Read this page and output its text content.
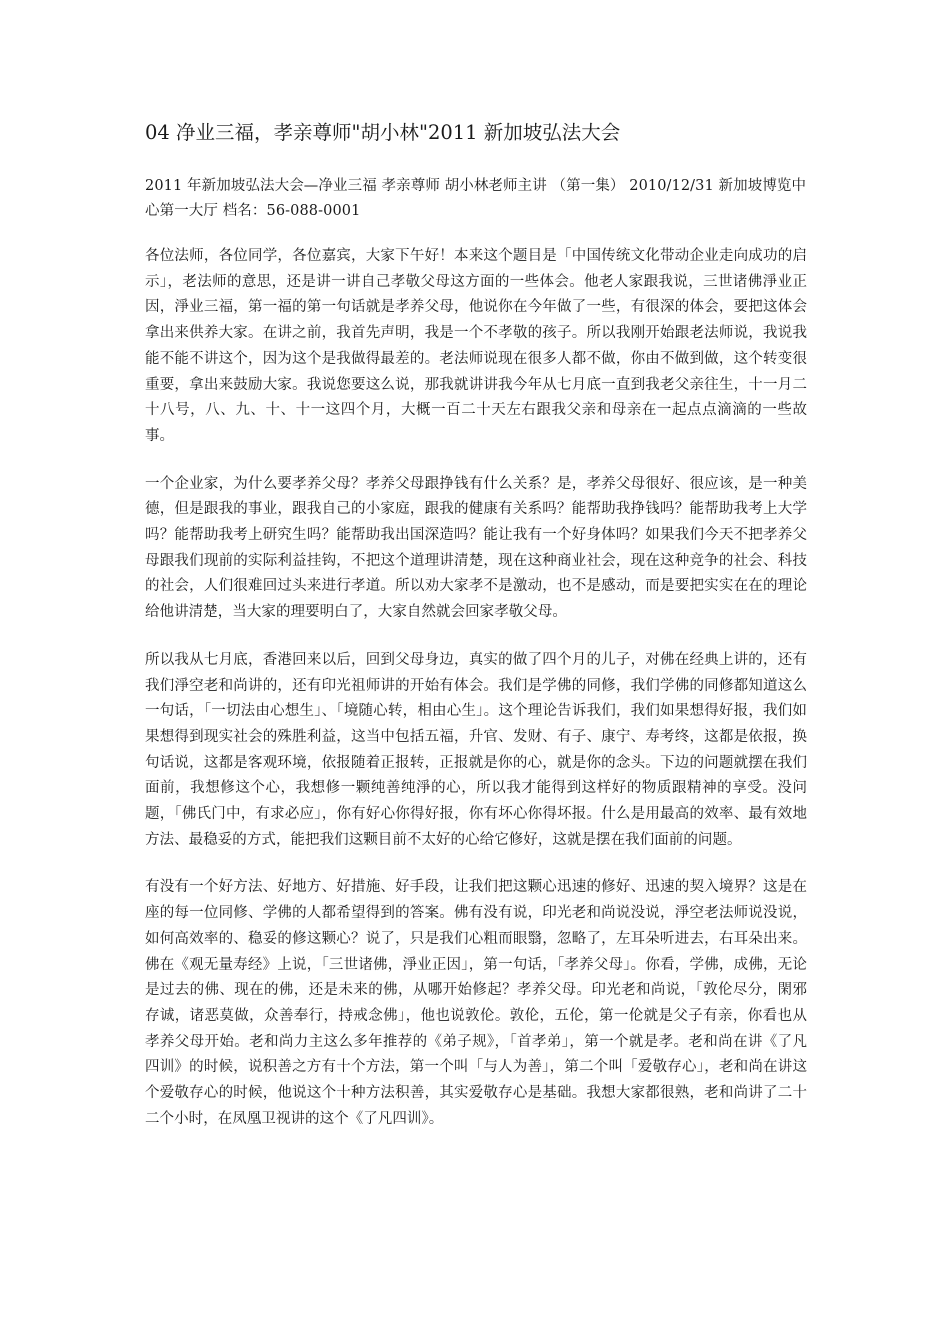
04 净业三福，孝亲尊师"胡小林"2011 新加坡弘法大会

2011 年新加坡弘法大会—净业三福 孝亲尊师 胡小林老师主讲 （第一集） 2010/12/31 新加坡博览中心第一大厅 档名：56-088-0001

各位法师，各位同学，各位嘉宾，大家下午好！本来这个题目是「中国传统文化带动企业走向成功的启示」，老法师的意思，还是讲一讲自己孝敬父母这方面的一些体会。他老人家跟我说，三世诸佛淨业正因，淨业三福，第一福的第一句话就是孝养父母，他说你在今年做了一些，有很深的体会，要把这体会拿出来供养大家。在讲之前，我首先声明，我是一个不孝敬的孩子。所以我刚开始跟老法师说，我说我能不能不讲这个，因为这个是我做得最差的。老法师说现在很多人都不做，你由不做到做，这个转变很重要，拿出来鼓励大家。我说您要这么说，那我就讲讲我今年从七月底一直到我老父亲往生，十一月二十八号，八、九、十、十一这四个月，大概一百二十天左右跟我父亲和母亲在一起点点滴滴的一些故事。

一个企业家，为什么要孝养父母？孝养父母跟挣钱有什么关系？是，孝养父母很好、很应该，是一种美德，但是跟我的事业，跟我自己的小家庭，跟我的健康有关系吗？能帮助我挣钱吗？能帮助我考上大学吗？能帮助我考上研究生吗？能帮助我出国深造吗？能让我有一个好身体吗？如果我们今天不把孝养父母跟我们现前的实际利益挂钩，不把这个道理讲清楚，现在这种商业社会，现在这种竞争的社会、科技的社会，人们很难回过头来进行孝道。所以劝大家孝不是激动，也不是感动，而是要把实实在在的理论给他讲清楚，当大家的理要明白了，大家自然就会回家孝敬父母。

所以我从七月底，香港回来以后，回到父母身边，真实的做了四个月的儿子，对佛在经典上讲的，还有我们淨空老和尚讲的，还有印光祖师讲的开始有体会。我们是学佛的同修，我们学佛的同修都知道这么一句话，「一切法由心想生」、「境随心转，相由心生」。这个理论告诉我们，我们如果想得好报，我们如果想得到现实社会的殊胜利益，这当中包括五福，升官、发财、有子、康宁、寿考终，这都是依报，换句话说，这都是客观环境，依报随着正报转，正报就是你的心，就是你的念头。下边的问题就摆在我们面前，我想修这个心，我想修一颗纯善纯淨的心，所以我才能得到这样好的物质跟精神的享受。没问题，「佛氏门中，有求必应」，你有好心你得好报，你有坏心你得坏报。什么是用最高的效率、最有效地方法、最稳妥的方式，能把我们这颗目前不太好的心给它修好，这就是摆在我们面前的问题。

有没有一个好方法、好地方、好措施、好手段，让我们把这颗心迅速的修好、迅速的契入境界？这是在座的每一位同修、学佛的人都希望得到的答案。佛有没有说，印光老和尚说没说，淨空老法师说没说，如何高效率的、稳妥的修这颗心？说了，只是我们心粗而眼翳，忽略了，左耳朵听进去，右耳朵出来。佛在《观无量寿经》上说，「三世诸佛，淨业正因」，第一句话，「孝养父母」。你看，学佛，成佛，无论是过去的佛、现在的佛，还是未来的佛，从哪开始修起？孝养父母。印光老和尚说，「敦伦尽分，閑邪存诚，诸恶莫做，众善奉行，持戒念佛」，他也说敦伦。敦伦，五伦，第一伦就是父子有亲，你看也从孝养父母开始。老和尚力主这么多年推荐的《弟子规》，「首孝弟」，第一个就是孝。老和尚在讲《了凡四训》的时候，说积善之方有十个方法，第一个叫「与人为善」，第二个叫「爱敬存心」，老和尚在讲这个爱敬存心的时候，他说这个十种方法积善，其实爱敬存心是基础。我想大家都很熟，老和尚讲了二十二个小时，在凤凰卫视讲的这个《了凡四训》。
